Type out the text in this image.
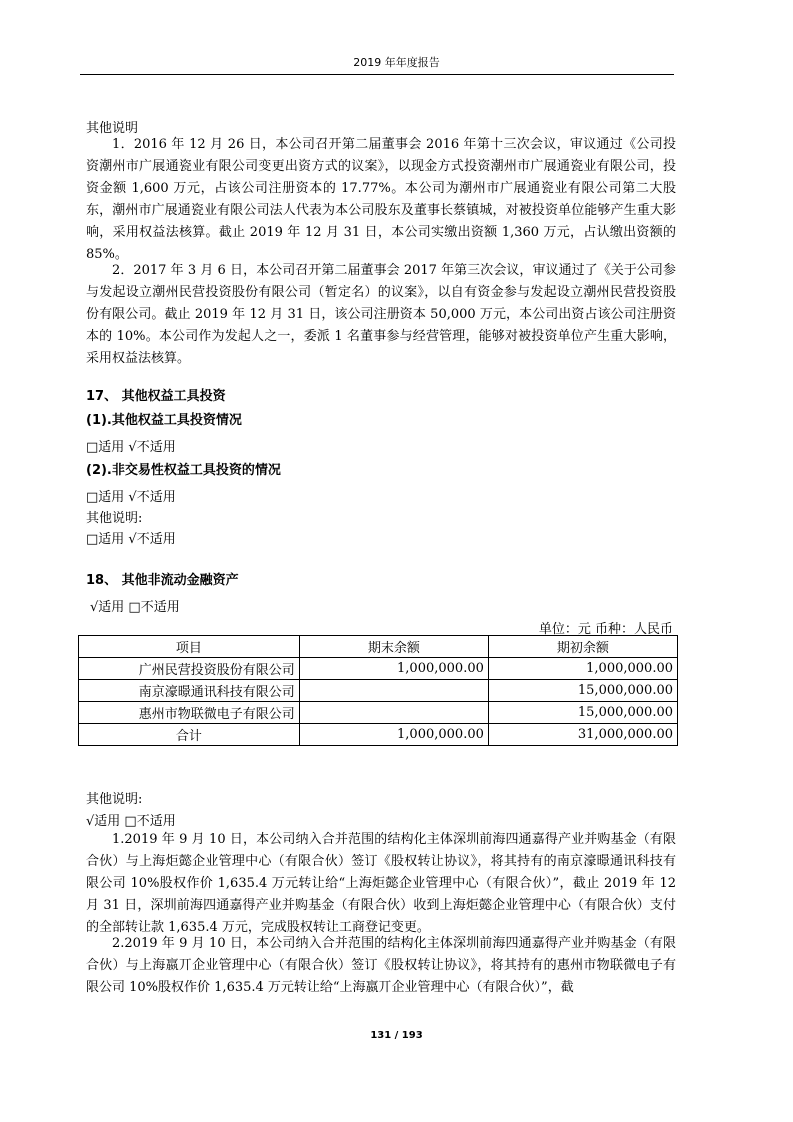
2019 年年度报告
其他说明

1．2016 年 12 月 26 日，本公司召开第二届董事会 2016 年第十三次会议，审议通过《公司投资潮州市广展通瓷业有限公司变更出资方式的议案》，以现金方式投资潮州市广展通瓷业有限公司，投资金额 1,600 万元，占该公司注册资本的 17.77%。本公司为潮州市广展通瓷业有限公司第二大股东，潮州市广展通瓷业有限公司法人代表为本公司股东及董事长蔡镇城，对被投资单位能够产生重大影响，采用权益法核算。截止 2019 年 12 月 31 日，本公司实缴出资额 1,360 万元，占认缴出资额的 85%。

2．2017 年 3 月 6 日，本公司召开第二届董事会 2017 年第三次会议，审议通过了《关于公司参与发起设立潮州民营投资股份有限公司（暂定名）的议案》，以自有资金参与发起设立潮州民营投资股份有限公司。截止 2019 年 12 月 31 日，该公司注册资本 50,000 万元，本公司出资占该公司注册资本的 10%。本公司作为发起人之一，委派 1 名董事参与经营管理，能够对被投资单位产生重大影响，采用权益法核算。

17、 其他权益工具投资
(1).其他权益工具投资情况
□适用 √不适用
(2).非交易性权益工具投资的情况
□适用 √不适用
其他说明:
□适用 √不适用
18、 其他非流动金融资产
√适用 □不适用
单位：元 币种：人民币
项目	期末余额	期初余额
广州民营投资股份有限公司	1,000,000.00	1,000,000.00
南京濠暻通讯科技有限公司		15,000,000.00
惠州市物联微电子有限公司		15,000,000.00
合计	1,000,000.00	31,000,000.00
其他说明:
√适用 □不适用

1.2019 年 9 月 10 日，本公司纳入合并范围的结构化主体深圳前海四通嘉得产业并购基金（有限合伙）与上海炬懿企业管理中心（有限合伙）签订《股权转让协议》，将其持有的南京濠暻通讯科技有限公司 10%股权作价 1,635.4 万元转让给“上海炬懿企业管理中心（有限合伙）”，截止 2019 年 12 月 31 日，深圳前海四通嘉得产业并购基金（有限合伙）收到上海炬懿企业管理中心（有限合伙）支付的全部转让款 1,635.4 万元，完成股权转让工商登记变更。

2.2019 年 9 月 10 日，本公司纳入合并范围的结构化主体深圳前海四通嘉得产业并购基金（有限合伙）与上海嬴丌企业管理中心（有限合伙）签订《股权转让协议》，将其持有的惠州市物联微电子有限公司 10%股权作价 1,635.4 万元转让给“上海嬴丌企业管理中心（有限合伙）”，截

131 / 193
